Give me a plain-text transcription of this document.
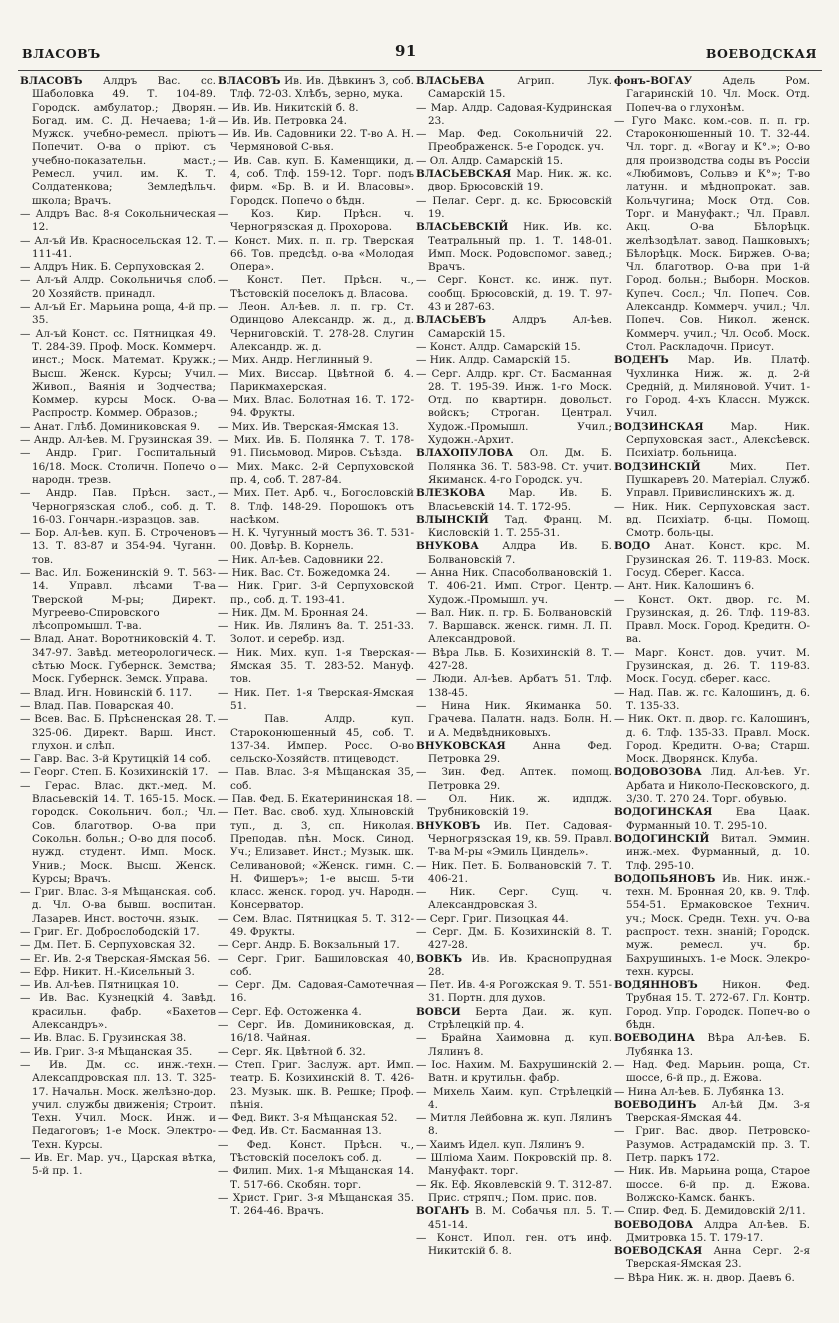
ВЛАСОВЪ	91	ВОЕВОДСКАЯ

ВЛАСОВЪ Алдръ Вас. сс. Шаболовка 49. Т. 104-89. Городск. амбулатор.; Дворян. Богад. им. С. Д. Нечаева; 1-й Мужск. учебно-ремесл. пріютъ Попечит. О-ва о пріют. съ учебно-показательн. маст.; Ремесл. учил. им. К. Т. Солдатенкова; Земледѣльч. школа; Врачъ.

— Алдръ Вас. 8-я Сокольническая 12.

— Ал-ъй Ив. Красносельская 12. Т. 111-41.

— Алдръ Ник. Б. Серпуховская 2.

— Ал-ъй Алдр. Сокольничья слоб. 20 Хозяйств. принадл.

— Ал-ъй Ег. Марьина роща, 4-й пр. 35.

— Ал-ъй Конст. сс. Пятницкая 49. Т. 284-39. Проф. Моск. Коммерч. инст.; Моск. Математ. Кружк.; Высш. Женск. Курсы; Учил. Живоп., Ваянія и Зодчества; Коммер. курсы Моск. О-ва Распростр. Коммер. Образов.;

— Анат. Глѣб. Доминиковская 9.

— Андр. Ал-ѣев. М. Грузинская 39.

— Андр. Григ. Госпитальный 16/18. Моск. Столичн. Попечо о народн. трезв.

— Андр. Пав. Прѣсн. заст., Черногрязская слоб., соб. д. Т. 16-03. Гончарн.-изразцов. зав.

— Бор. Ал-ѣев. куп. Б. Строченовъ 13. Т. 83-87 и 354-94. Чуганн. тов.

— Вас. Ил. Боженинскій 9. Т. 563-14. Управл. лѣсами Т-ва Тверской М-ры; Директ. Мугреево-Спировского лѣсопромышл. Т-ва.

— Влад. Анат. Воротниковскій 4. Т. 347-97. Завѣд. метеорологическ. сѣтью Моск. Губернск. Земства; Моск. Губернск. Земск. Управа.

— Влад. Игн. Новинскій б. 117.

— Влад. Пав. Поварская 40.

— Всев. Вас. Б. Прѣсненская 28. Т. 325-06. Директ. Варш. Инст. глухон. и слѣп.

— Гавр. Вас. 3-й Крутицкій 14 соб.

— Георг. Степ. Б. Козихинскій 17.

— Герас. Влас. дкт.-мед. М. Власьевскій 14. Т. 165-15. Моск. городск. Сокольнич. бол.; Чл. Сов. благотвор. О-ва при Сокольн. больн.; О-во для пособ. нужд. студент. Имп. Моск. Унив.; Моск. Высш. Женск. Курсы; Врачъ.

— Григ. Влас. 3-я Мѣщанская. соб. д. Чл. О-ва бывш. воспитан. Лазарев. Инст. восточн. язык.

— Григ. Ег. Доброслободскій 17.

— Дм. Пет. Б. Серпуховская 32.

— Ег. Ив. 2-я Тверская-Ямская 56.

— Ефр. Никит. Н.-Кисельный 3.

— Ив. Ал-ѣев. Пятницкая 10.

— Ив. Вас. Кузнецкій 4. Завѣд. красильн. фабр. «Бахетов Александръ».

— Ив. Влас. Б. Грузинская 38.

— Ив. Григ. 3-я Мѣщанская 35.

— Ив. Дм. сс. инж.-техн. Алексапдровская пл. 13. Т. 325-17. Начальн. Моск. желѣзно-дор. учил. службы движенія; Строит. Техн. Учил. Моск. Инж. и Педагоговъ; 1-е Моск. Электро-Техн. Курсы.

— Ив. Ег. Мар. уч., Царская вѣтка, 5-й пр. 1.

ВЛАСОВЪ Ив. Ив. Дѣвкинъ 3, соб. Тлф. 72-03. Хлѣбъ, зерно, мука.

— Ив. Ив. Никитскій б. 8.

— Ив. Ив. Петровка 24.

— Ив. Ив. Садовники 22. Т-во А. Н. Чермяновой С-вья.

— Ив. Сав. куп. Б. Каменщики, д. 4, соб. Тлф. 159-12. Торг. подъ фирм. «Бр. В. и И. Власовы». Городск. Попечо о бѣдн.

— Коз. Кир. Прѣсн. ч. Черногрязская д. Прохорова.

— Конст. Мих. п. п. гр. Тверская 66. Тов. предсѣд. о-ва «Молодая Опера».

— Конст. Пет. Прѣсн. ч., Тѣстовскій поселокъ д. Власова.

— Леон. Ал-ѣев. л. п. гр. Ст. Одинцово Александр. ж. д., д. Черниговскій. Т. 278-28. Слугин Александр. ж. д.

— Мих. Андр. Неглинный 9.

— Мих. Виссар. Цвѣтной б. 4. Парикмахерская.

— Мих. Влас. Болотная 16. Т. 172-94. Фрукты.

— Мих. Ив. Тверская-Ямская 13.

— Мих. Ив. Б. Полянка 7. Т. 178-91. Письмовод. Миров. Съѣзда.

— Мих. Макс. 2-й Серпуховской пр. 4, соб. Т. 287-84.

— Мих. Пет. Арб. ч., Богословскій 8. Тлф. 148-29. Порошокъ отъ насѣком.

— Н. К. Чугунный мостъ 36. Т. 531-00. Довѣр. В. Корнель.

— Ник. Ал-ѣев. Садовники 22.

— Ник. Вас. Ст. Божедомка 24.

— Ник. Григ. 3-й Серпуховской пр., соб. д. Т. 193-41.

— Ник. Дм. М. Бронная 24.

— Ник. Ив. Лялинъ 8а. Т. 251-33. Золот. и серебр. изд.

— Ник. Мих. куп. 1-я Тверская-Ямская 35. Т. 283-52. Мануф. тов.

— Ник. Пет. 1-я Тверская-Ямская 51.

— Пав. Алдр. куп. Староконюшенный 45, соб. Т. 137-34. Импер. Росс. О-во сельско-Хозяйств. птицеводст.

— Пав. Влас. 3-я Мѣщанская 35, соб.

— Пав. Фед. Б. Екатерининская 18.

— Пет. Вас. своб. худ. Хлыновскій туп., д. 3, сп. Николая. Преподав. пѣн. Моск. Синод. Уч.; Елизавет. Инст.; Музык. шк. Селивановой; «Женск. гимн. С. Н. Фишеръ»; 1-е высш. 5-ти класс. женск. город. уч. Народн. Консерватор.

— Сем. Влас. Пятницкая 5. Т. 312-49. Фрукты.

— Серг. Андр. Б. Вокзальный 17.

— Серг. Григ. Башиловская 40, соб.

— Серг. Дм. Садовая-Самотечная 16.

— Серг. Еф. Остоженка 4.

— Серг. Ив. Доминиковская, д. 16/18. Чайная.

— Серг. Як. Цвѣтной б. 32.

— Степ. Григ. Заслуж. арт. Имп. театр. Б. Козихинскій 8. Т. 426-23. Музык. шк. В. Решке; Проф. пѣнія.

— Фед. Викт. 3-я Мѣщанская 52.

— Фед. Ив. Ст. Басманная 13.

— Фед. Конст. Прѣсн. ч., Тѣстовскій поселокъ соб. д.

— Филип. Мих. 1-я Мѣщанская 14. Т. 517-66. Скобян. торг.

— Христ. Григ. 3-я Мѣщанская 35. Т. 264-46. Врачъ.

ВЛАСЬЕВА	Агрип. Лук. Самарскій 15.

— Мар. Алдр. Садовая-Кудринская 23.

— Мар. Фед. Сокольничій 22. Преображенск. 5-е Городск. уч.

— Ол. Алдр. Самарскій 15.

ВЛАСЬЕВСКАЯ Мар. Ник. ж. кс. двор. Брюсовскій 19.

— Пелаг. Серг. д. кс. Брюсовскій 19.

ВЛАСЬЕВСКІЙ Ник. Ив. кс. Театральный пр. 1. Т. 148-01. Имп. Моск. Родовспомог. завед.; Врачъ.

— Серг. Конст. кс. инж. пут. сообщ. Брюсовскій, д. 19. Т. 97-43 и 287-63.

ВЛАСЬЕВЪ	Алдръ Ал-ѣев. Самарскій 15.

— Конст. Алдр. Самарскій 15.

— Ник. Алдр. Самарскій 15.

— Серг. Алдр. крг. Ст. Басманная 28. Т. 195-39. Инж. 1-го Моск. Отд. по квартирн. довольст. войскъ; Строган. Централ. Худож.-Промышл. Учил.; Художн.-Архит.

ВЛАХОПУЛОВА Ол. Дм. Б. Полянка 36. Т. 583-98. Ст. учит. Якиманск. 4-го Городск. уч.

ВЛЕЗКОВА Мар. Ив. Б. Власьевскій 14. Т. 172-95.

ВЛЫНСКІЙ Тад. Франц. М. Кисловскій 1. Т. 255-31.

ВНУКОВА Алдра Ив. Б. Болвановскій 7.

— Анна Ник. Спасоболвановскій 1. Т. 406-21. Имп. Строг. Центр. Худож.-Промышл. уч.

— Вал. Ник. п. гр. Б. Болвановскій 7. Варшавск. женск. гимн. Л. П. Александровой.

— Вѣра Льв. Б. Козихинскій 8. Т. 427-28.

— Люди. Ал-ѣев. Арбатъ 51. Тлф. 138-45.

— Нина Ник. Якиманка 50. Грачева. Палатн. надз. Болн. Н. и А. Медвѣдниковыхъ.

ВНУКОВСКАЯ	Анна Фед. Петровка 29.

— Зин. Фед. Аптек. помощ. Петровка 29.

— Ол. Ник. ж. идпдж. Трубниковскій 19.

ВНУКОВЪ Ив. Пет. Садовая-Черногрязская 19, кв. 59. Правл. Т-ва М-ры «Эмиль Циндель».

— Ник. Пет. Б. Болвановскій 7. Т. 406-21.

— Ник. Серг. Сущ. ч. Александровская 3.

— Серг. Григ. Пизоцкая 44.

— Серг. Дм. Б. Козихинскій 8. Т. 427-28.

ВОВКЪ Ив. Ив. Краснопрудная 28.

— Пет. Ив. 4-я Рогожская 9. Т. 551-31. Портн. для духов.

ВОВСИ Берта Даи. ж. куп. Стрѣлецкій пр. 4.

— Брайна Хаимовна д. куп. Лялинъ 8.

— Іос. Нахим. М. Бахрушинскій 2. Ватн. и крутильн. фабр.

— Михель Хаим. куп. Стрѣлецкій 4.

— Митля Лейбовна ж. куп. Лялинъ 8.

— Хаимъ Идел. куп. Лялинъ 9.

— Шліома Хаим. Покровскій пр. 8. Мануфакт. торг.

— Як. Еф. Яковлевскій 9. Т. 312-87. Прис. стряпч.; Пом. прис. пов.

ВОГАНЪ В. М. Собачья пл. 5. Т. 451-14.

— Конст. Ипол. ген. отъ инф. Никитскій б. 8.

фонъ-ВОГАУ	Адель Ром. Гагаринскій 10. Чл. Моск. Отд. Попеч-ва о глухонѣм.

— Гуго Макс. ком.-сов. п. п. гр. Староконюшенный 10. Т. 32-44. Чл. торг. д. «Вогау и К°.»; О-во для производства соды въ Россіи «Любимовъ, Сольвэ и К°»; Т-во латунн. и мѣднопрокат. зав. Кольчугина; Моск Отд. Сов. Торг. и Мануфакт.; Чл. Правл. Акц. О-ва Бѣлорѣцк. желѣзодѣлат. завод. Пашковыхъ; Бѣлорѣцк. Моск. Биржев. О-ва; Чл. благотвор. О-ва при 1-й Город. больн.; Выборн. Москов. Купеч. Сосл.; Чл. Попеч. Сов. Александр. Коммерч. учил.; Чл. Попеч. Сов. Никол. женск. Коммерч. учил.; Чл. Особ. Моск. Стол. Раскладочн. Присут.

ВОДЕНЪ Мар. Ив. Платф. Чухлинка Ниж. ж. д. 2-й Средній, д. Миляновой. Учит. 1-го Город. 4-хъ Классн. Мужск. Учил.

ВОДЗИНСКАЯ	Мар. Ник. Серпуховская заст., Алексѣевск. Психіатр. больница.

ВОДЗИНСКІЙ	Мих. Пет. Пушкаревъ 20. Матеріал. Служб. Управл. Привислинскихъ ж. д.

— Ник. Ник. Серпуховская заст. вд. Психіатр. б-цы. Помощ. Смотр. боль-цы.

ВОДО Анат. Конст. крс. М. Грузинская 26. Т. 119-83. Моск. Госуд. Сберег. Касса.

— Ант. Ник. Калошинъ 6.

— Конст. Окт. двор. гс. М. Грузинская, д. 26. Тлф. 119-83. Правл. Моск. Город. Кредитн. О-ва.

— Марг. Конст. дов. учит. М. Грузинская, д. 26. Т. 119-83. Моск. Госуд. сберег. касс.

— Над. Пав. ж. гс. Калошинъ, д. 6. Т. 135-33.

— Ник. Окт. п. двор. гс. Калошинъ, д. 6. Тлф. 135-33. Правл. Моск. Город. Кредитн. О-ва; Старш. Моск. Дворянск. Клуба.

ВОДОВОЗОВА Лид. Ал-ѣев. Уг. Арбата и Николо-Песковского, д. 3/30. Т. 270 24. Торг. обувью.

ВОДОГИНСКАЯ Ева Цаак. Фурманный 10. Т. 295-10.

ВОДОГИНСКІЙ Витал. Эммин. инж.-мех. Фурманный, д. 10. Тлф. 295-10.

ВОДОПЬЯНОВЪ Ив. Ник. инж.-техн. М. Бронная 20, кв. 9. Тлф. 554-51. Ермаковское Технич. уч.; Моск. Средн. Техн. уч. О-ва распрост. техн. знаній; Городск. муж. ремесл. уч. бр. Бахрушиныхъ. 1-е Моск. Элекро-техн. курсы.

ВОДЯННОВЪ Никон. Фед. Трубная 15. Т. 272-67. Гл. Контр. Город. Упр. Городск. Попеч-во о бѣдн.

ВОЕВОДИНА Вѣра Ал-ѣев. Б. Лубянка 13.

— Над. Фед. Марьин. роща, Ст. шоссе, 6-й пр., д. Ежова.

— Нина Ал-ѣев. Б. Лубянка 13.

ВОЕВОДИНЪ Ал-ѣй Дм. 3-я Тверская-Ямская 44.

— Григ. Вас. двор. Петровско-Разумов. Астрадамскій пр. 3. Т. Петр. паркъ 172.

— Ник. Ив. Марьина роща, Старое шоссе. 6-й пр. д. Ежова. Волжско-Камск. банкъ.

— Спир. Фед. Б. Демидовскій 2/11.

ВОЕВОДОВА Алдра Ал-ѣев. Б. Дмитровка 15. Т. 179-17.

ВОЕВОДСКАЯ Анна Серг. 2-я Тверская-Ямская 23.

— Вѣра Ник. ж. н. двор. Даевъ 6.
